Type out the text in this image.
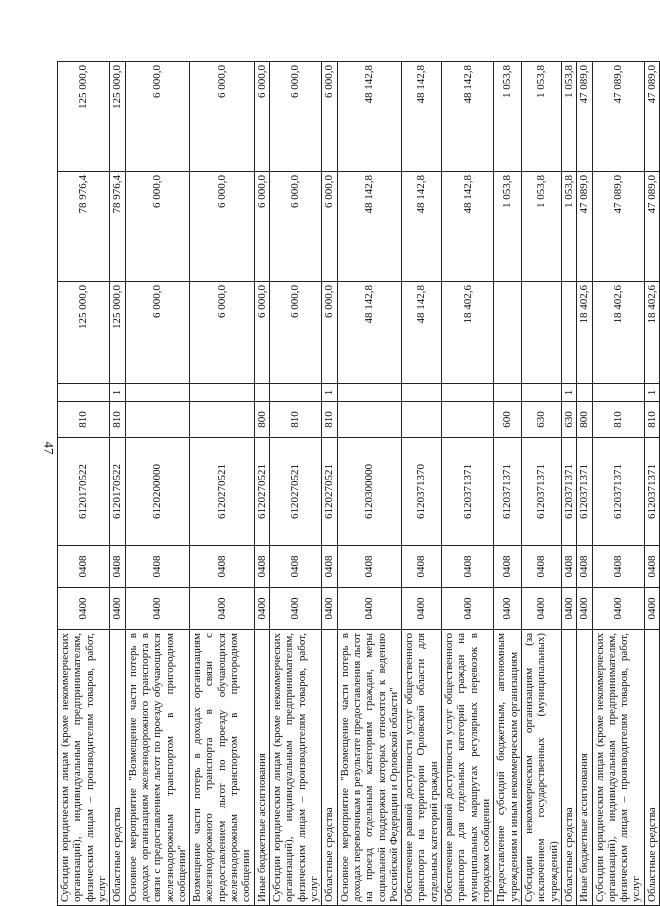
47
Субсидии юридическим лицам (кроме некоммерческих организаций), индивидуальным предпринимателям, физическим лицам – производителям товаров, работ, услуг	0400	0408	6120170522	810		125 000,0	78 976,4	125 000,0
Областные средства	0400	0408	6120170522	810	1	125 000,0	78 976,4	125 000,0
Основное мероприятие "Возмещение части потерь в доходах организациям железнодорожного транспорта в связи с предоставлением льгот по проезду обучающихся железнодорожным транспортом в пригородном сообщении"	0400	0408	6120200000			6 000,0	6 000,0	6 000,0
Возмещение части потерь в доходах организациям железнодорожного транспорта в связи с предоставлением льгот по проезду обучающихся железнодорожным транспортом в пригородном сообщении	0400	0408	6120270521			6 000,0	6 000,0	6 000,0
Иные бюджетные ассигнования	0400	0408	6120270521	800		6 000,0	6 000,0	6 000,0
Субсидии юридическим лицам (кроме некоммерческих организаций), индивидуальным предпринимателям, физическим лицам – производителям товаров, работ, услуг	0400	0408	6120270521	810		6 000,0	6 000,0	6 000,0
Областные средства	0400	0408	6120270521	810	1	6 000,0	6 000,0	6 000,0
Основное мероприятие "Возмещение части потерь в доходах перевозчикам в результате предоставления льгот на проезд отдельным категориям граждан, меры социальной поддержки которых относятся к ведению Российской Федерации и Орловской области"	0400	0408	6120300000			48 142,8	48 142,8	48 142,8
Обеспечение равной доступности услуг общественного транспорта на территории Орловской области для отдельных категорий граждан	0400	0408	6120371370			48 142,8	48 142,8	48 142,8
Обеспечение равной доступности услуг общественного транспорта для отдельных категорий граждан на муниципальных маршрутах регулярных перевозок в городском сообщении	0400	0408	6120371371			18 402,6	48 142,8	48 142,8
Предоставление субсидий бюджетным, автономным учреждениям и иным некоммерческим организациям	0400	0408	6120371371	600			1 053,8	1 053,8
Субсидии некоммерческим организациям (за исключением государственных (муниципальных) учреждений)	0400	0408	6120371371	630			1 053,8	1 053,8
Областные средства	0400	0408	6120371371	630	1		1 053,8	1 053,8
Иные бюджетные ассигнования	0400	0408	6120371371	800		18 402,6	47 089,0	47 089,0
Субсидии юридическим лицам (кроме некоммерческих организаций), индивидуальным предпринимателям, физическим лицам – производителям товаров, работ, услуг	0400	0408	6120371371	810		18 402,6	47 089,0	47 089,0
Областные средства	0400	0408	6120371371	810	1	18 402,6	47 089,0	47 089,0
